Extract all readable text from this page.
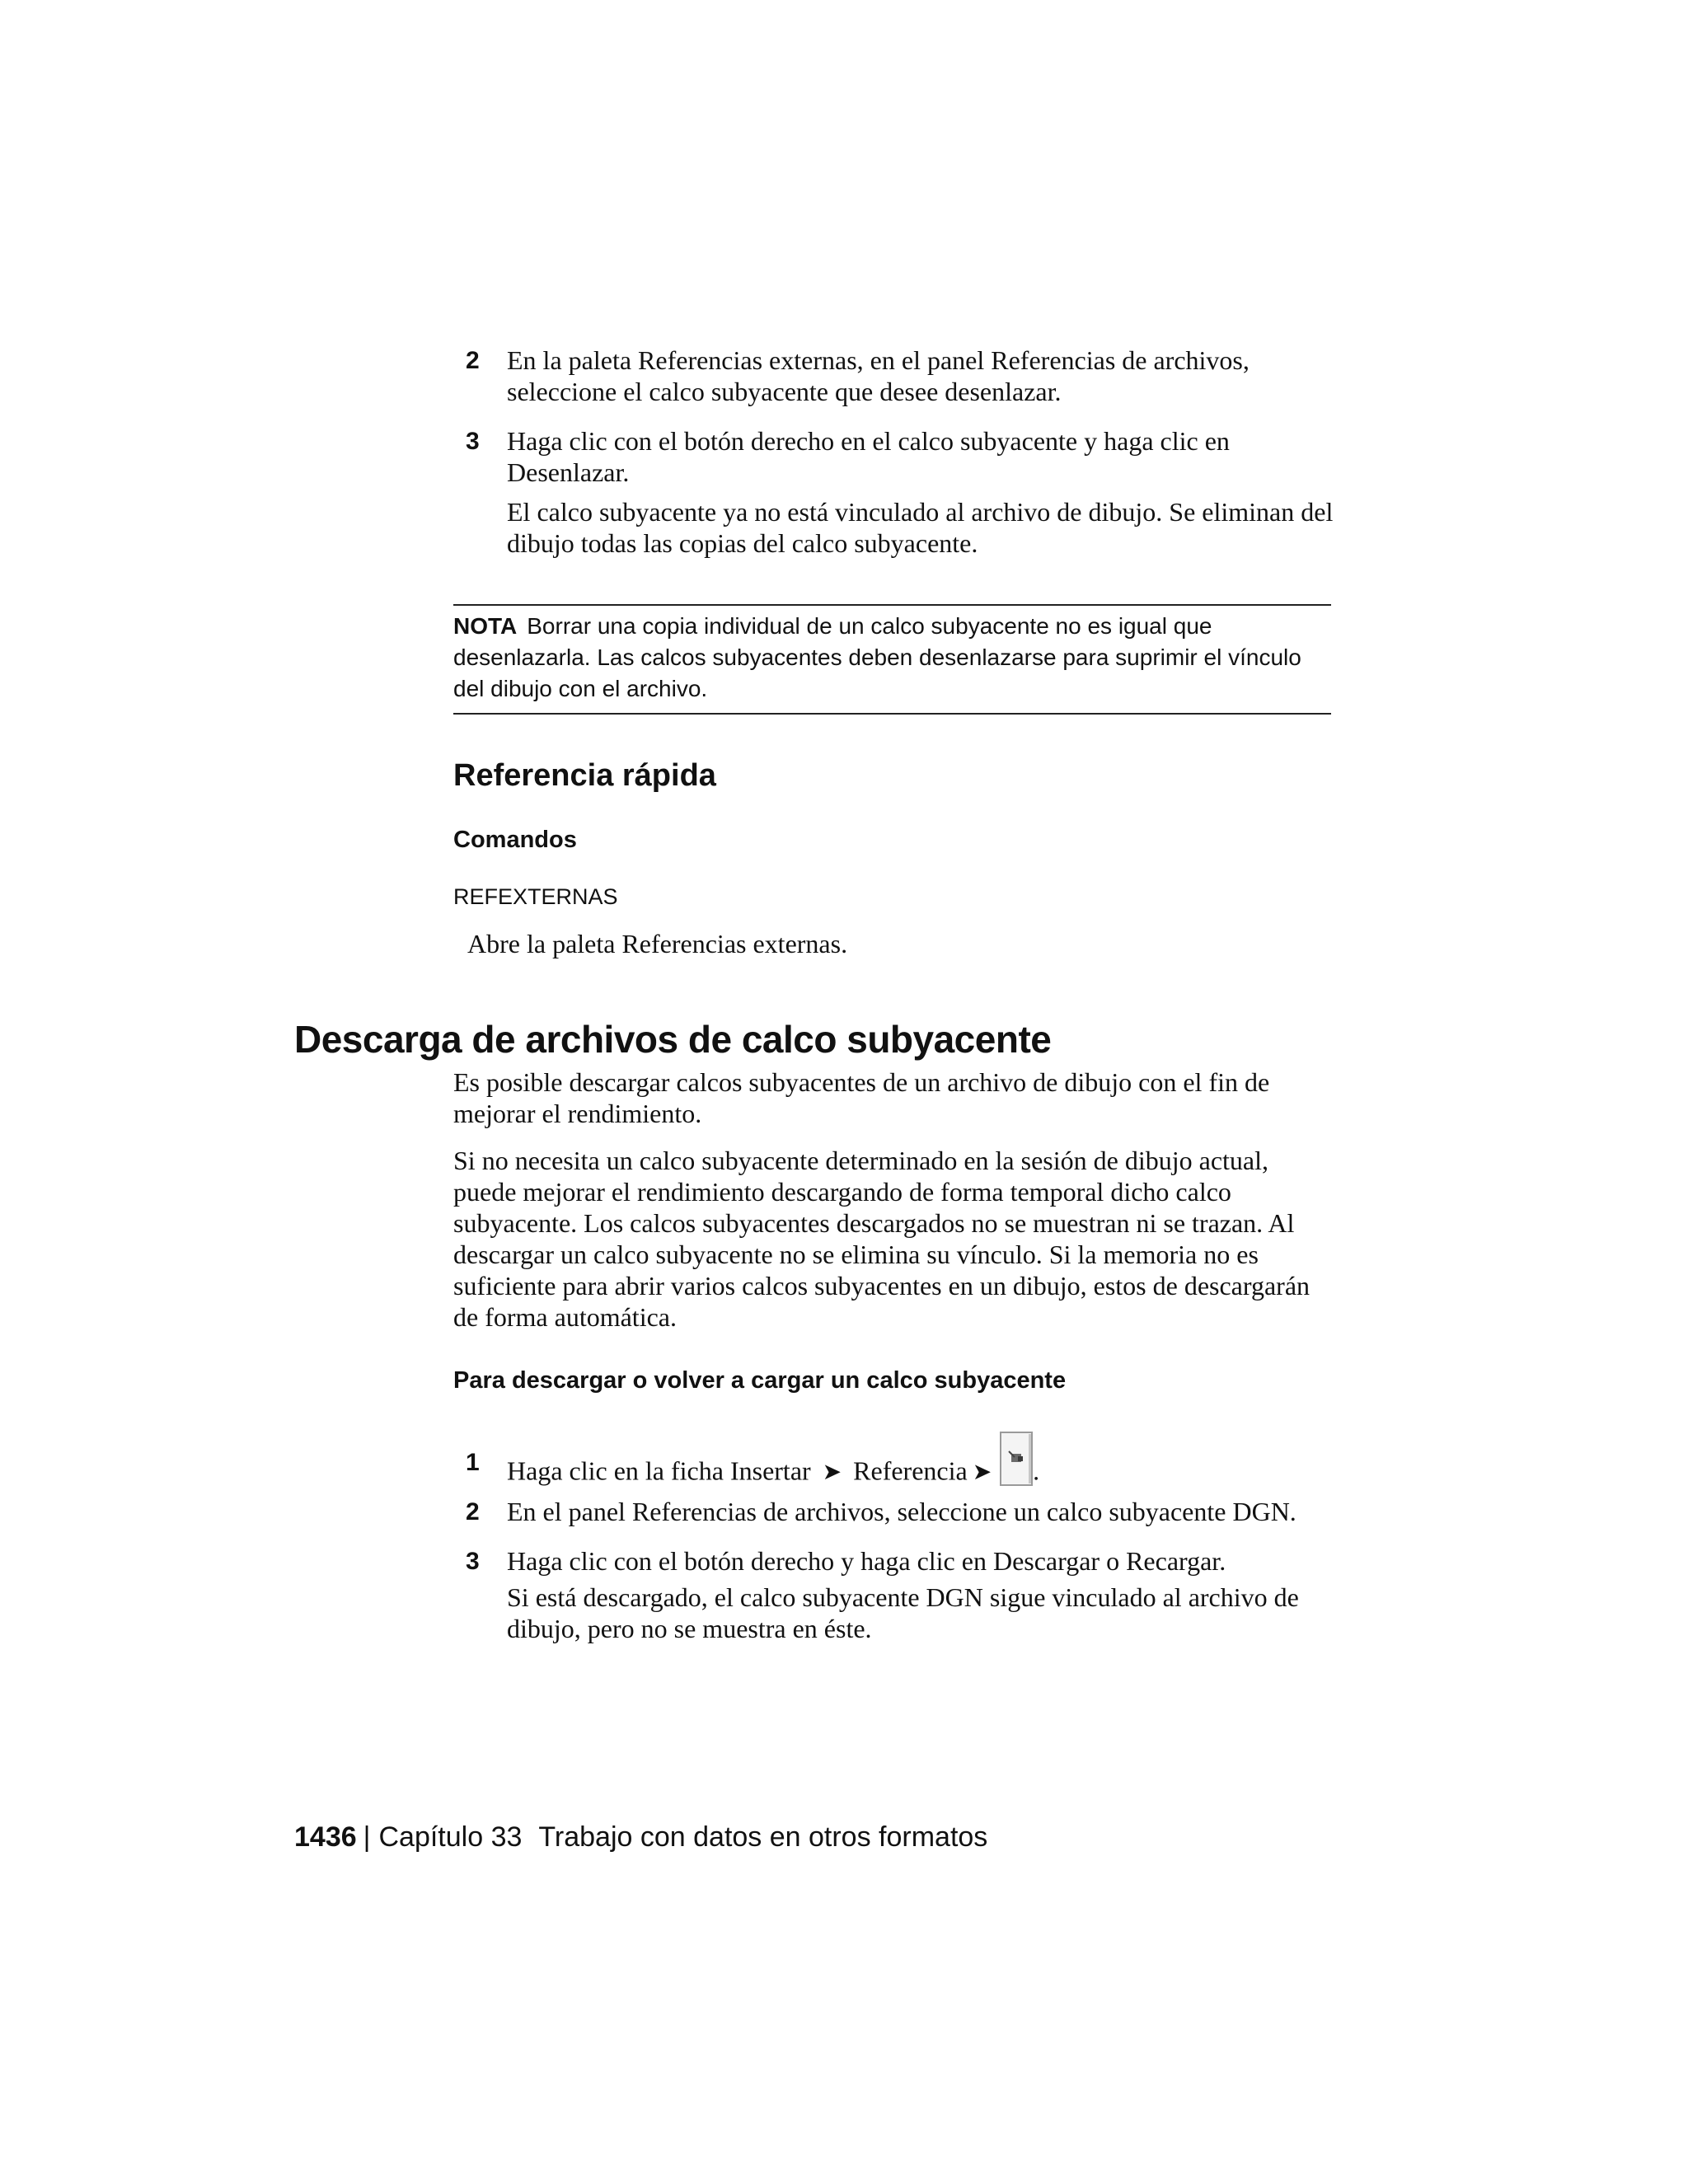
2 En la paleta Referencias externas, en el panel Referencias de archivos, seleccione el calco subyacente que desee desenlazar.
3 Haga clic con el botón derecho en el calco subyacente y haga clic en Desenlazar.
El calco subyacente ya no está vinculado al archivo de dibujo. Se eliminan del dibujo todas las copias del calco subyacente.
NOTA Borrar una copia individual de un calco subyacente no es igual que desenlazarla. Las calcos subyacentes deben desenlazarse para suprimir el vínculo del dibujo con el archivo.
Referencia rápida
Comandos
REFEXTERNAS
Abre la paleta Referencias externas.
Descarga de archivos de calco subyacente
Es posible descargar calcos subyacentes de un archivo de dibujo con el fin de mejorar el rendimiento.
Si no necesita un calco subyacente determinado en la sesión de dibujo actual, puede mejorar el rendimiento descargando de forma temporal dicho calco subyacente. Los calcos subyacentes descargados no se muestran ni se trazan. Al descargar un calco subyacente no se elimina su vínculo. Si la memoria no es suficiente para abrir varios calcos subyacentes en un dibujo, estos de descargarán de forma automática.
Para descargar o volver a cargar un calco subyacente
1 Haga clic en la ficha Insertar ➤ Referencia ➤ .
2 En el panel Referencias de archivos, seleccione un calco subyacente DGN.
3 Haga clic con el botón derecho y haga clic en Descargar o Recargar.
Si está descargado, el calco subyacente DGN sigue vinculado al archivo de dibujo, pero no se muestra en éste.
1436 | Capítulo 33 Trabajo con datos en otros formatos
